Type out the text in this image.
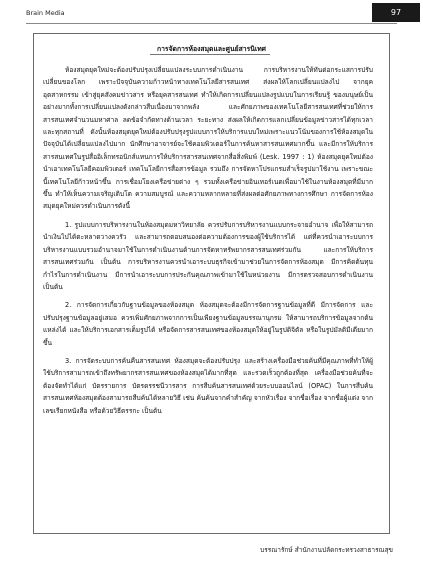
Brain Media	97
การจัดการห้องสมุดและศูนย์สารนิเทศ

ห้องสมุดยุคใหม่จะต้องปรับปรุงเปลี่ยนแปลงระบบการดำเนินงาน การบริหารงานให้ทันต่อกระแสการปรับเปลี่ยนของโลก เพราะปัจจุบันความก้าวหน้าทางเทคโนโลยีสารสนเทศ ส่งผลให้โลกเปลี่ยนแปลงไป จากยุคอุตสาหกรรม เข้าสู่ยุคสังคมข่าวสาร หรือยุคสารสนเทศ ทำให้เกิดการเปลี่ยนแปลงรูปแบบในการเรียนรู้ ของมนุษย์เป็นอย่างมากทั้งการเปลี่ยนแปลงดังกล่าวสืบเนื่องมาจากพลัง และศักยภาพของเทคโนโลยีสารสนเทศที่ช่วยให้การสารสนเทศจำนวนมหาศาล ลดข้อจำกัดทางด้านเวลา ระยะทาง ส่งผลให้เกิดการแลกเปลี่ยนข้อมูลข่าวสารได้ทุกเวลา และทุกสถานที่ ดังนั้นห้องสมุดยุคใหม่ต้องปรับปรุงรูปแบบการให้บริการแบบใหม่เพราะแนวโน้มของการใช้ห้องสมุดในปัจจุบันได้เปลี่ยนแปลงไปมาก นักศึกษาอาจารย์จะใช้คอมพิวเตอร์ในการค้นหาสารสนเทศมากขึ้น และมีการให้บริการสารสนเทศในรูปสื่ออิเล็กทรอนิกส์แทนการให้บริการสารสนเทศจากสื่อสิ่งพิมพ์ (Lesk. 1997 : 1) ห้องสมุดยุคใหม่ต้องนำเอาเทคโนโลยีคอมพิวเตอร์ เทคโนโลยีการสื่อสารข้อมูล รวมถึง การจัดหาโปรแกรมสำเร็จรูปมาใช้งาน เพราะขณะนี้เทคโนโลยีก้าวหน้าขึ้น การเชื่อมโยงเครือข่ายต่าง ๆ รวมทั้งเครือข่ายอินเทอร์เนตเพื่อมาใช้ในงานห้องสมุดที่มีมากขึ้น ทำให้เห็นความเจริญเติบโต ความสมบูรณ์ และความหลากหลายที่ส่งผลต่อศักยภาพทางการศึกษา การจัดการห้องสมุดยุคใหม่ควรดำเนินการดังนี้

1. รูปแบบการบริหารงานในห้องสมุดมหาวิทยาลัย ควรปรับการบริหารงานแบบกระจายอำนาจ เพื่อให้สามารถนำเงินไปได้ตะหลาดวางควรัว และสามารถตอบสนองต่อความต้องการของผู้ใช้บริการได้ แต่ที่ควรนำเอาระบบการบริหารงานแบบรวมอำนาจมาใช้ในการดำเนินงานด้านการจัดหาทรัพยากรสารสนเทศร่วมกัน และการให้บริการสารสนเทศร่วมกัน เป็นต้น การบริหารงานควรนำเอาระบบธุรกิจเข้ามาช่วยในการจัดการห้องสมุด มีการคิดต้นทุน กำไรในการดำเนินงาน มีการนำเอาระบบการประกันคุณภาพเข้ามาใช้ในหน่วยงาน มีการตรวจสอบการดำเนินงาน เป็นต้น

2. การจัดการเกี่ยวกับฐานข้อมูลของห้องสมุด ห้องสมุดจะต้องมีการจัดการฐานข้อมูลที่ดี มีการจัดการ และปรับปรุงฐานข้อมูลอยู่เสมอ ควรเพิ่มศักยภาพจากการเป็นเพียงฐานข้อมูลบรรณานุกรม ให้สามารถบริการข้อมูลจากต้นแหล่งได้ และให้บริการเอกสารเต็มรูปได้ หรือจัดการสารสนเทศของห้องสมุดให้อยู่ในรูปดิจิตัล หรือในรูปมัลติมีเดียมากขึ้น

3. การจัดระบบการค้นคืนสารสนเทศ ห้องสมุดจะต้องปรับปรุง และสร้างเครื่องมือช่วยค้นที่มีคุณภาพที่ทำให้ผู้ใช้บริการสามารถเข้าถึงทรัพยากรสารสนเทศของห้องสมุดได้มากที่สุด และรวดเร็วถูกต้องที่สุด เครื่องมือช่วยค้นที่จะต้องจัดทำได้แก่ บัตรรายการ บัตรดรรชนีวารสาร การสืบค้นสารสนเทศด้วยระบบออนไลน์ (OPAC) ในการสืบค้นสารสนเทศห้องสมุดต้องสามารถสืบค้นได้หลายวิธี เช่น ค้นค้นจากคำสำคัญ จากหัวเรื่อง จากชื่อเรื่อง จากชื่อผู้แต่ง จากเลขเรียกหนังสือ หรือด้วยวิธีตรรกะ เป็นต้น

บรรณารักษ์ สำนักงานปลัดกระทรวงสาธารณสุข
